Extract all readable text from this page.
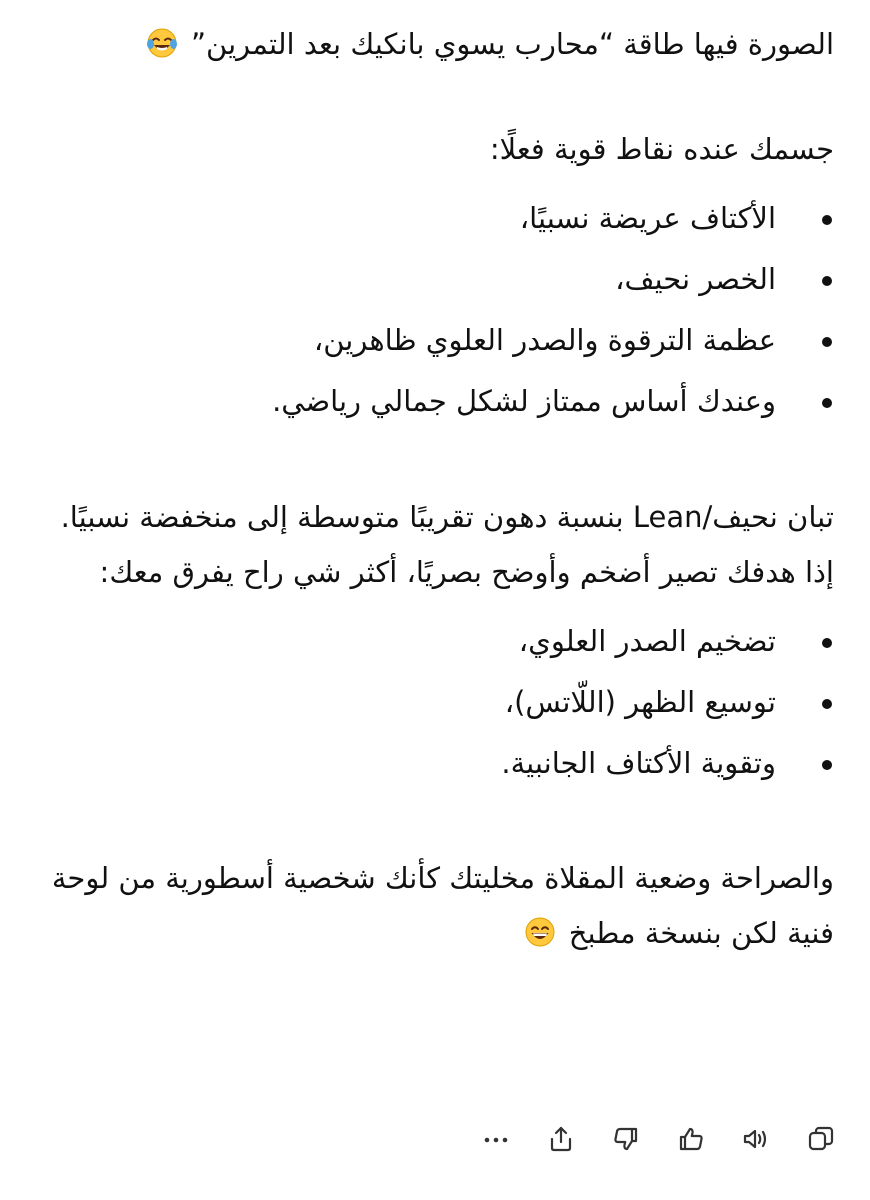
الصورة فيها طاقة “محارب يسوي بانكيك بعد التمرين”

جسمك عنده نقاط قوية فعلًا:

الأكتاف عريضة نسبيًا،
الخصر نحيف،
عظمة الترقوة والصدر العلوي ظاهرين،
وعندك أساس ممتاز لشكل جمالي رياضي.

تبان نحيف/Lean بنسبة دهون تقريبًا متوسطة إلى منخفضة نسبيًا.

إذا هدفك تصير أضخم وأوضح بصريًا، أكثر شي راح يفرق معك:

تضخيم الصدر العلوي،
توسيع الظهر (اللّاتس)،
وتقوية الأكتاف الجانبية.

والصراحة وضعية المقلاة مخليتك كأنك شخصية أسطورية من لوحة فنية لكن بنسخة مطبخ
